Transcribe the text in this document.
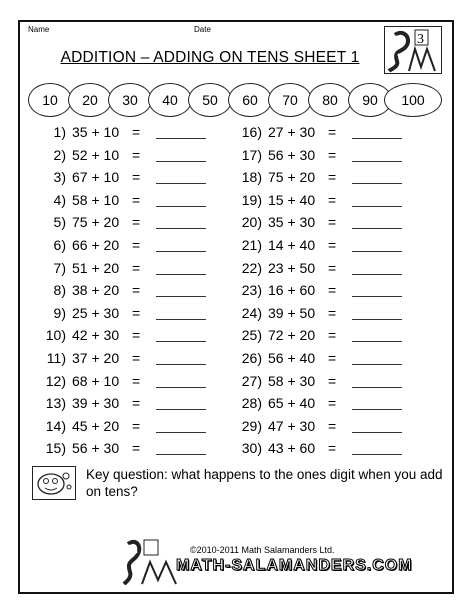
Name	Date
ADDITION – ADDING ON TENS SHEET 1
3
10	20	30	40	50	60	70	80	90	100
1) 35 + 10 =
2) 52 + 10 =
3) 67 + 10 =
4) 58 + 10 =
5) 75 + 20 =
6) 66 + 20 =
7) 51 + 20 =
8) 38 + 20 =
9) 25 + 30 =
10) 42 + 30 =
11) 37 + 20 =
12) 68 + 10 =
13) 39 + 30 =
14) 45 + 20 =
15) 56 + 30 =
16) 27 + 30 =
17) 56 + 30 =
18) 75 + 20 =
19) 15 + 40 =
20) 35 + 30 =
21) 14 + 40 =
22) 23 + 50 =
23) 16 + 60 =
24) 39 + 50 =
25) 72 + 20 =
26) 56 + 40 =
27) 58 + 30 =
28) 65 + 40 =
29) 47 + 30 =
30) 43 + 60 =
Key question: what happens to the ones digit when you add on tens?
©2010-2011 Math Salamanders Ltd.
MATH-SALAMANDERS.COM
